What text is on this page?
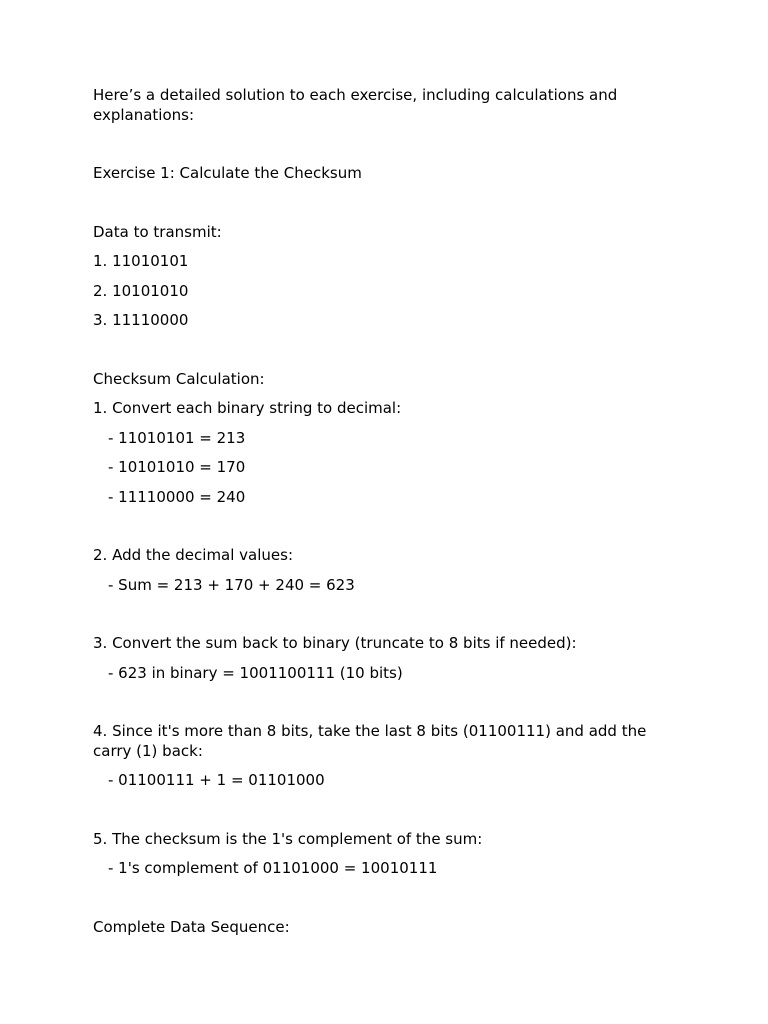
Here’s a detailed solution to each exercise, including calculations and explanations:

Exercise 1: Calculate the Checksum

Data to transmit:

1. 11010101

2. 10101010

3. 11110000

Checksum Calculation:

1. Convert each binary string to decimal:

- 11010101 = 213

- 10101010 = 170

- 11110000 = 240

2. Add the decimal values:

- Sum = 213 + 170 + 240 = 623

3. Convert the sum back to binary (truncate to 8 bits if needed):

- 623 in binary = 1001100111 (10 bits)

4. Since it's more than 8 bits, take the last 8 bits (01100111) and add the carry (1) back:

- 01100111 + 1 = 01101000

5. The checksum is the 1's complement of the sum:

- 1's complement of 01101000 = 10010111

Complete Data Sequence:
